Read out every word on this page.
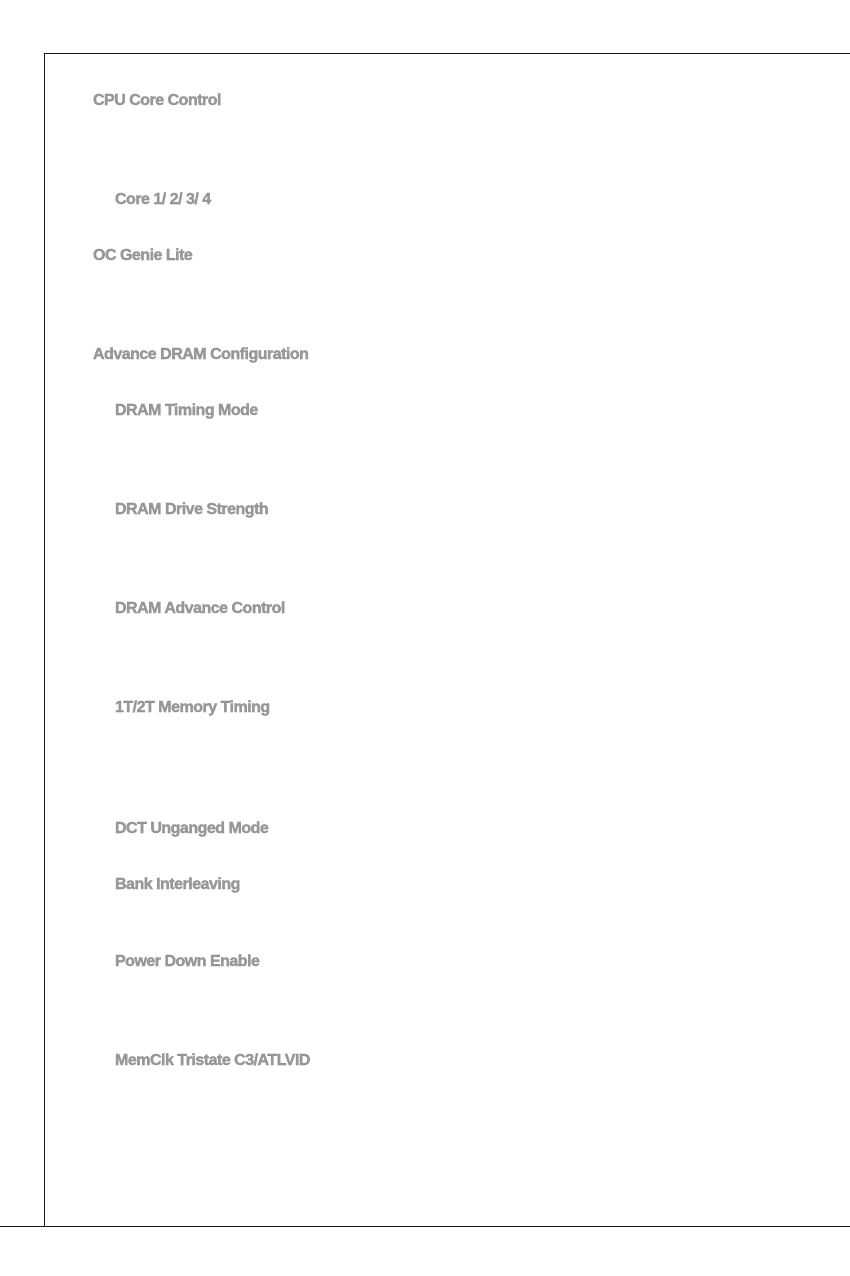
CPU Core Control

Core 1/ 2/ 3/ 4

OC Genie Lite

Advance DRAM Configuration

DRAM Timing Mode

DRAM Drive Strength

DRAM Advance Control

1T/2T Memory Timing

DCT Unganged Mode

Bank Interleaving

Power Down Enable

MemClk Tristate C3/ATLVID
